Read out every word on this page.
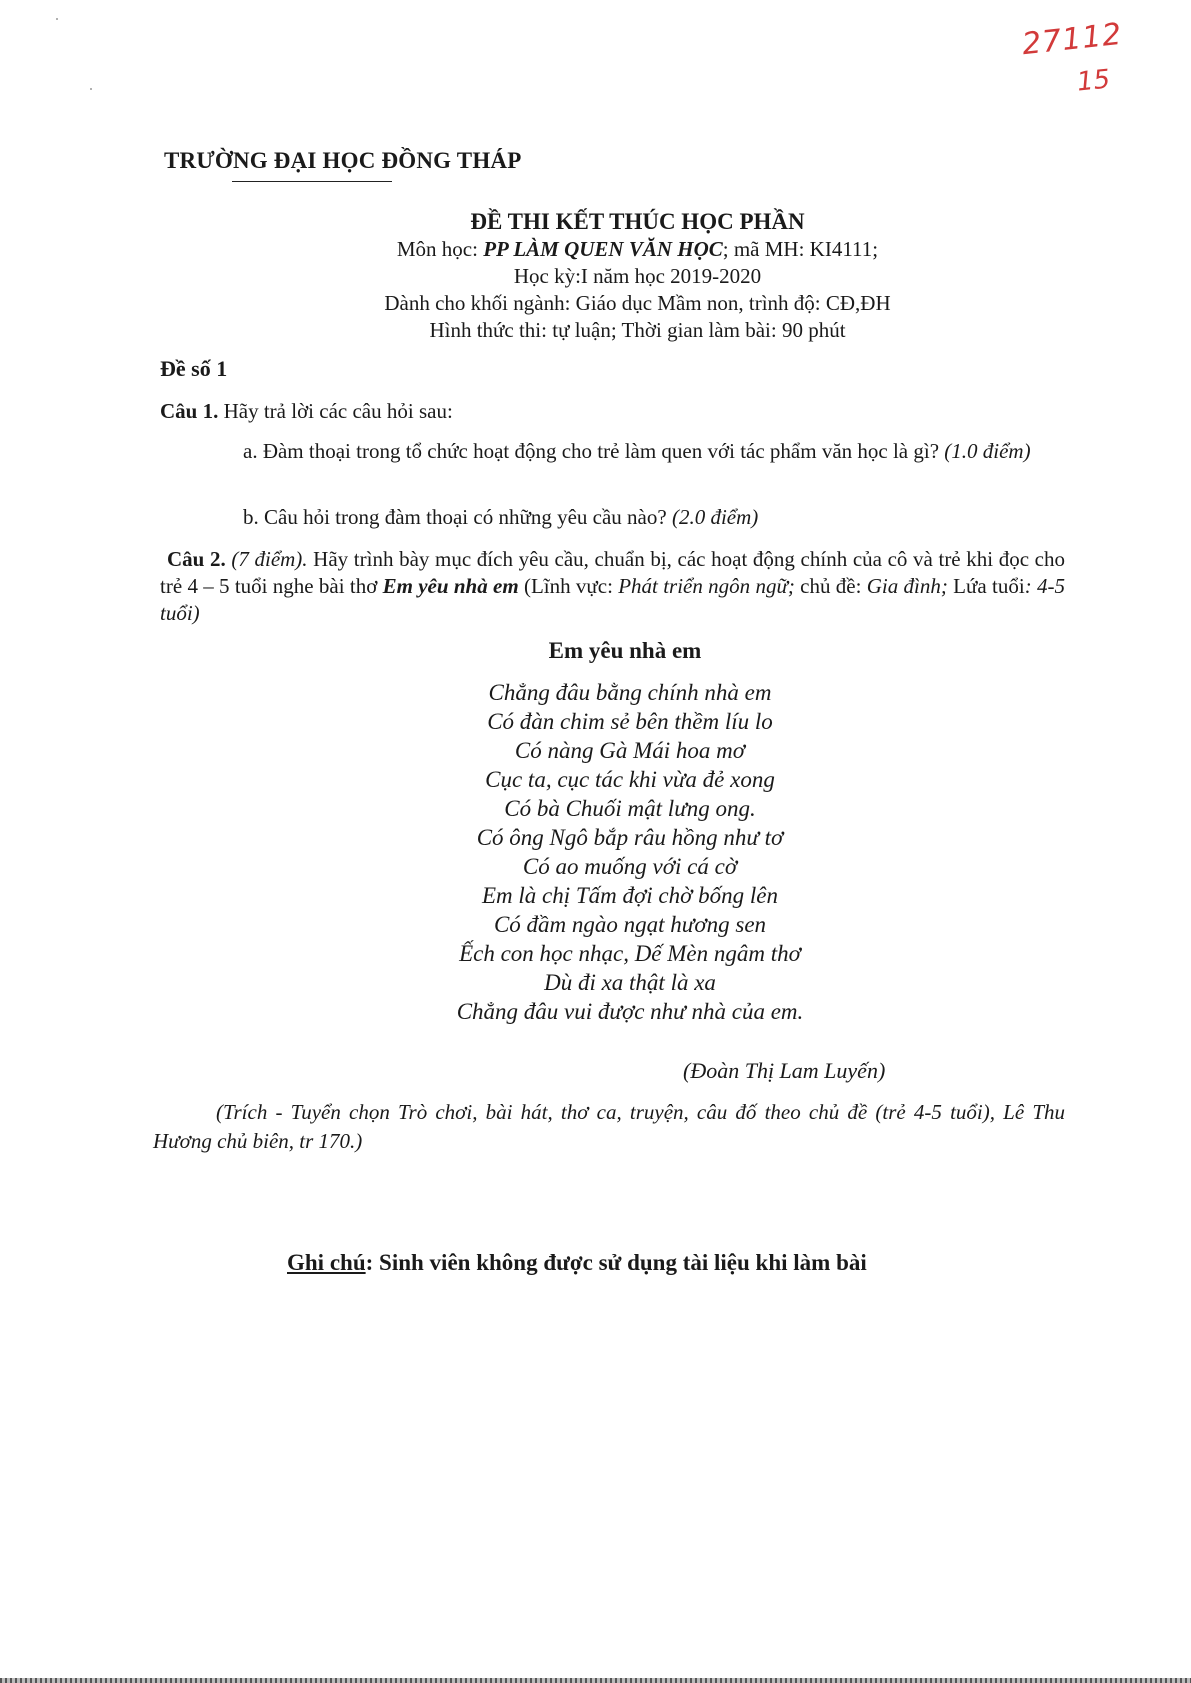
27112
15
TRƯỜNG ĐẠI HỌC ĐỒNG THÁP
ĐỀ THI KẾT THÚC HỌC PHẦN
Môn học: PP LÀM QUEN VĂN HỌC; mã MH: KI4111;
Học kỳ:I năm học 2019-2020
Dành cho khối ngành: Giáo dục Mầm non, trình độ: CĐ,ĐH
Hình thức thi: tự luận; Thời gian làm bài: 90 phút
Đề số 1
Câu 1. Hãy trả lời các câu hỏi sau:
a. Đàm thoại trong tổ chức hoạt động cho trẻ làm quen với tác phẩm văn học là gì? (1.0 điểm)
b. Câu hỏi trong đàm thoại có những yêu cầu nào? (2.0 điểm)
Câu 2. (7 điểm). Hãy trình bày mục đích yêu cầu, chuẩn bị, các hoạt động chính của cô và trẻ khi đọc cho trẻ 4 – 5 tuổi nghe bài thơ Em yêu nhà em (Lĩnh vực: Phát triển ngôn ngữ; chủ đề: Gia đình; Lứa tuổi: 4-5 tuổi)
Em yêu nhà em
Chẳng đâu bằng chính nhà em
Có đàn chim sẻ bên thềm líu lo
Có nàng Gà Mái hoa mơ
Cục ta, cục tác khi vừa đẻ xong
Có bà Chuối mật lưng ong.
Có ông Ngô bắp râu hồng như tơ
Có ao muống với cá cờ
Em là chị Tấm đợi chờ bống lên
Có đầm ngào ngạt hương sen
Ếch con học nhạc, Dế Mèn ngâm thơ
Dù đi xa thật là xa
Chẳng đâu vui được như nhà của em.
(Đoàn Thị Lam Luyến)
(Trích - Tuyển chọn Trò chơi, bài hát, thơ ca, truyện, câu đố theo chủ đề (trẻ 4-5 tuổi), Lê Thu Hương chủ biên, tr 170.)
Ghi chú: Sinh viên không được sử dụng tài liệu khi làm bài
